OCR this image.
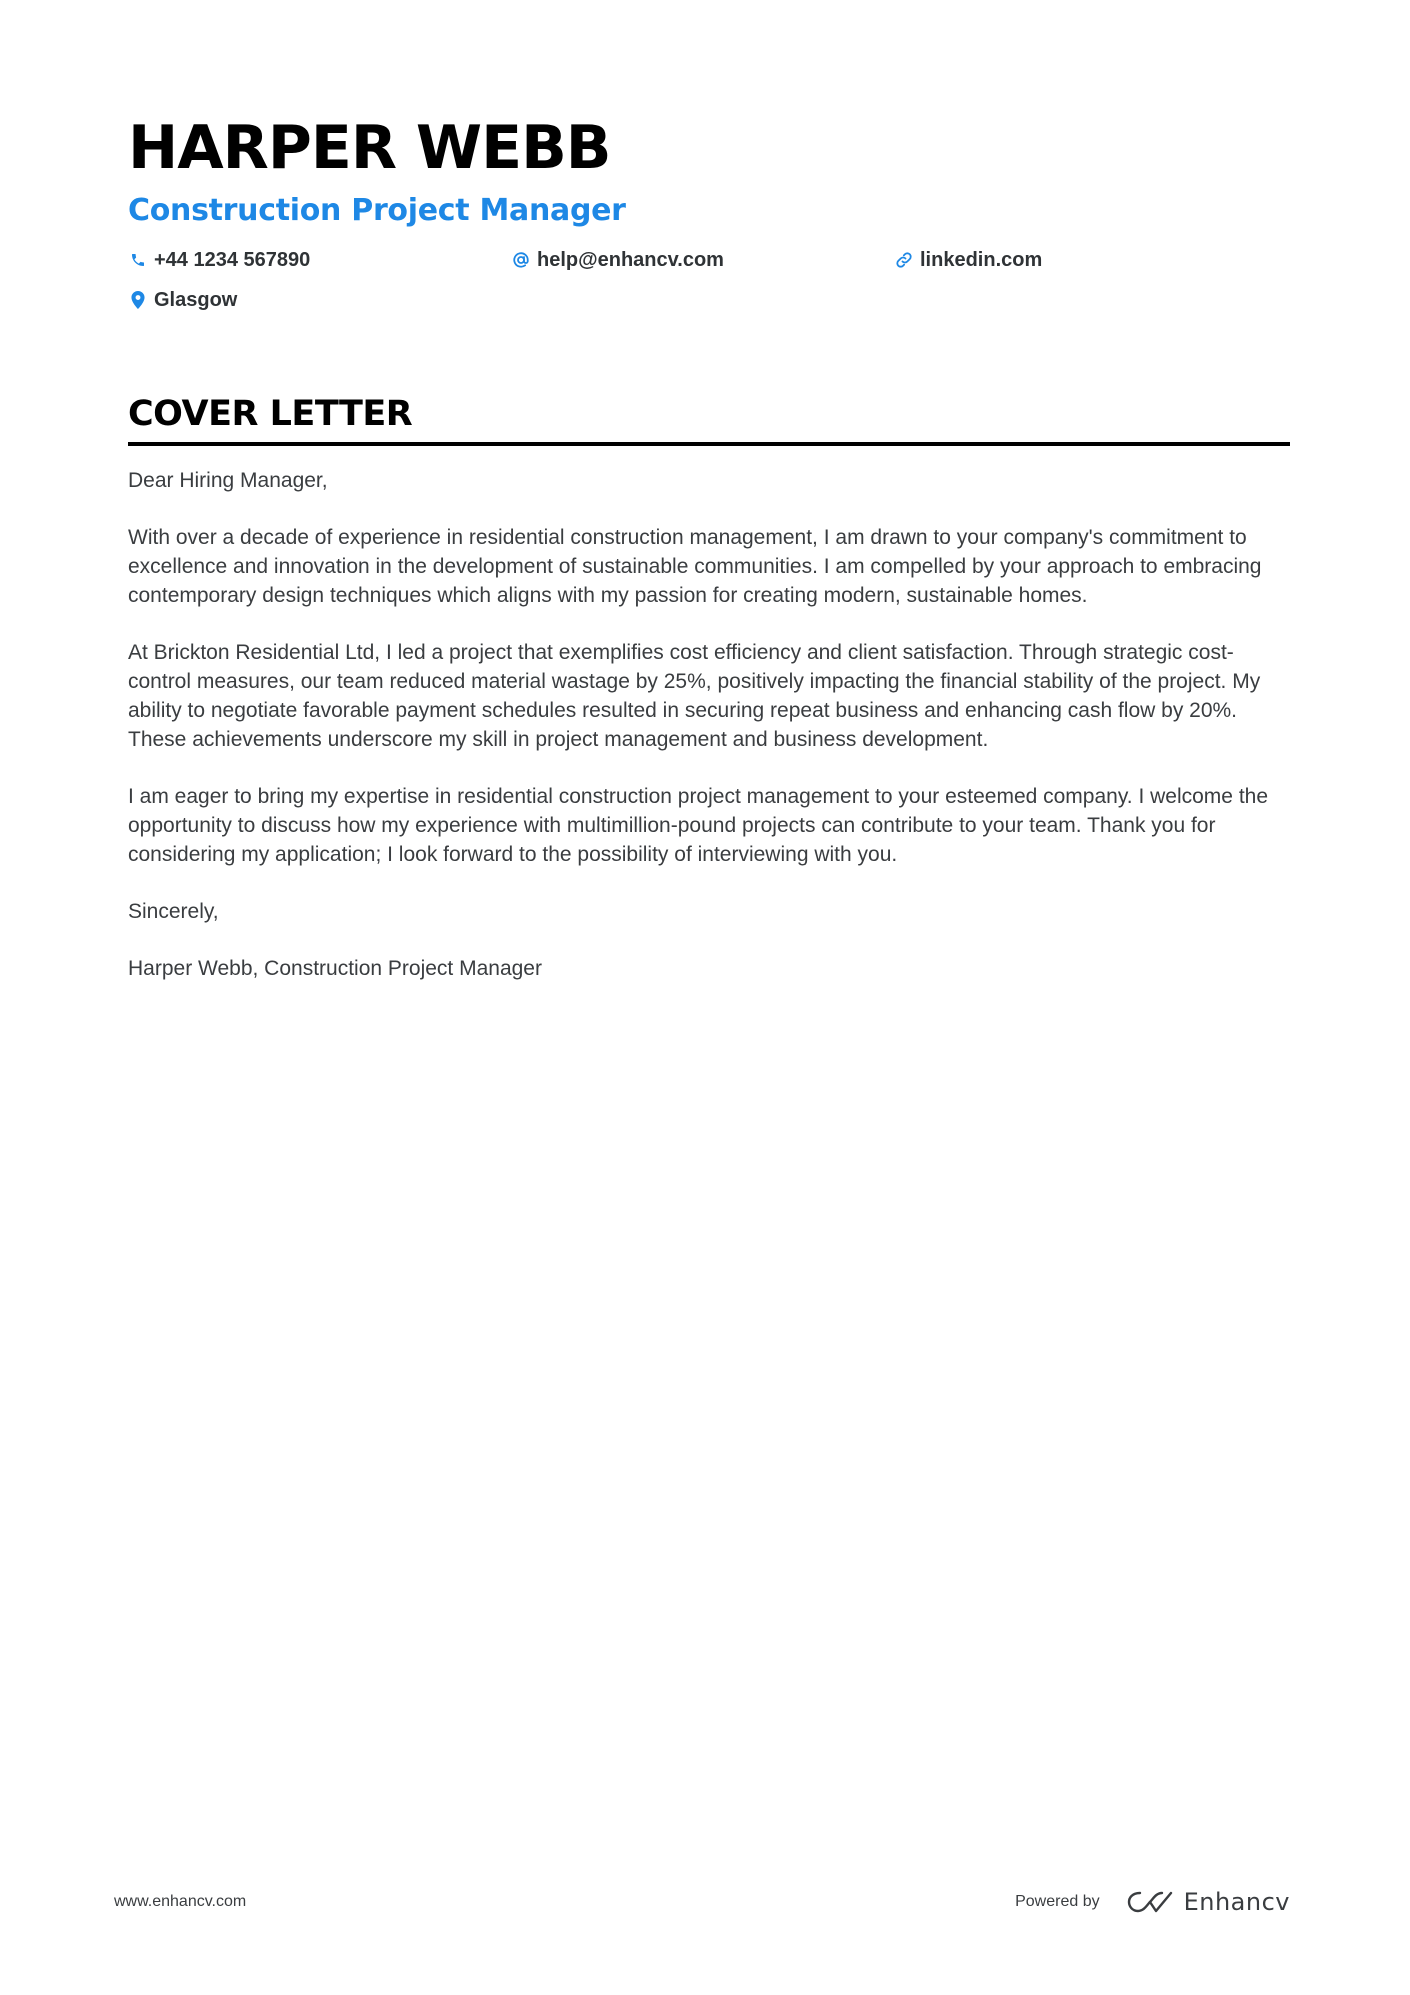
HARPER WEBB
Construction Project Manager
+44 1234 567890	help@enhancv.com	linkedin.com
Glasgow
COVER LETTER

Dear Hiring Manager,

With over a decade of experience in residential construction management, I am drawn to your company's commitment to excellence and innovation in the development of sustainable communities. I am compelled by your approach to embracing contemporary design techniques which aligns with my passion for creating modern, sustainable homes.

At Brickton Residential Ltd, I led a project that exemplifies cost efficiency and client satisfaction. Through strategic cost-control measures, our team reduced material wastage by 25%, positively impacting the financial stability of the project. My ability to negotiate favorable payment schedules resulted in securing repeat business and enhancing cash flow by 20%. These achievements underscore my skill in project management and business development.

I am eager to bring my expertise in residential construction project management to your esteemed company. I welcome the opportunity to discuss how my experience with multimillion-pound projects can contribute to your team. Thank you for considering my application; I look forward to the possibility of interviewing with you.

Sincerely,

Harper Webb, Construction Project Manager

www.enhancv.com	Powered by	Enhancv
